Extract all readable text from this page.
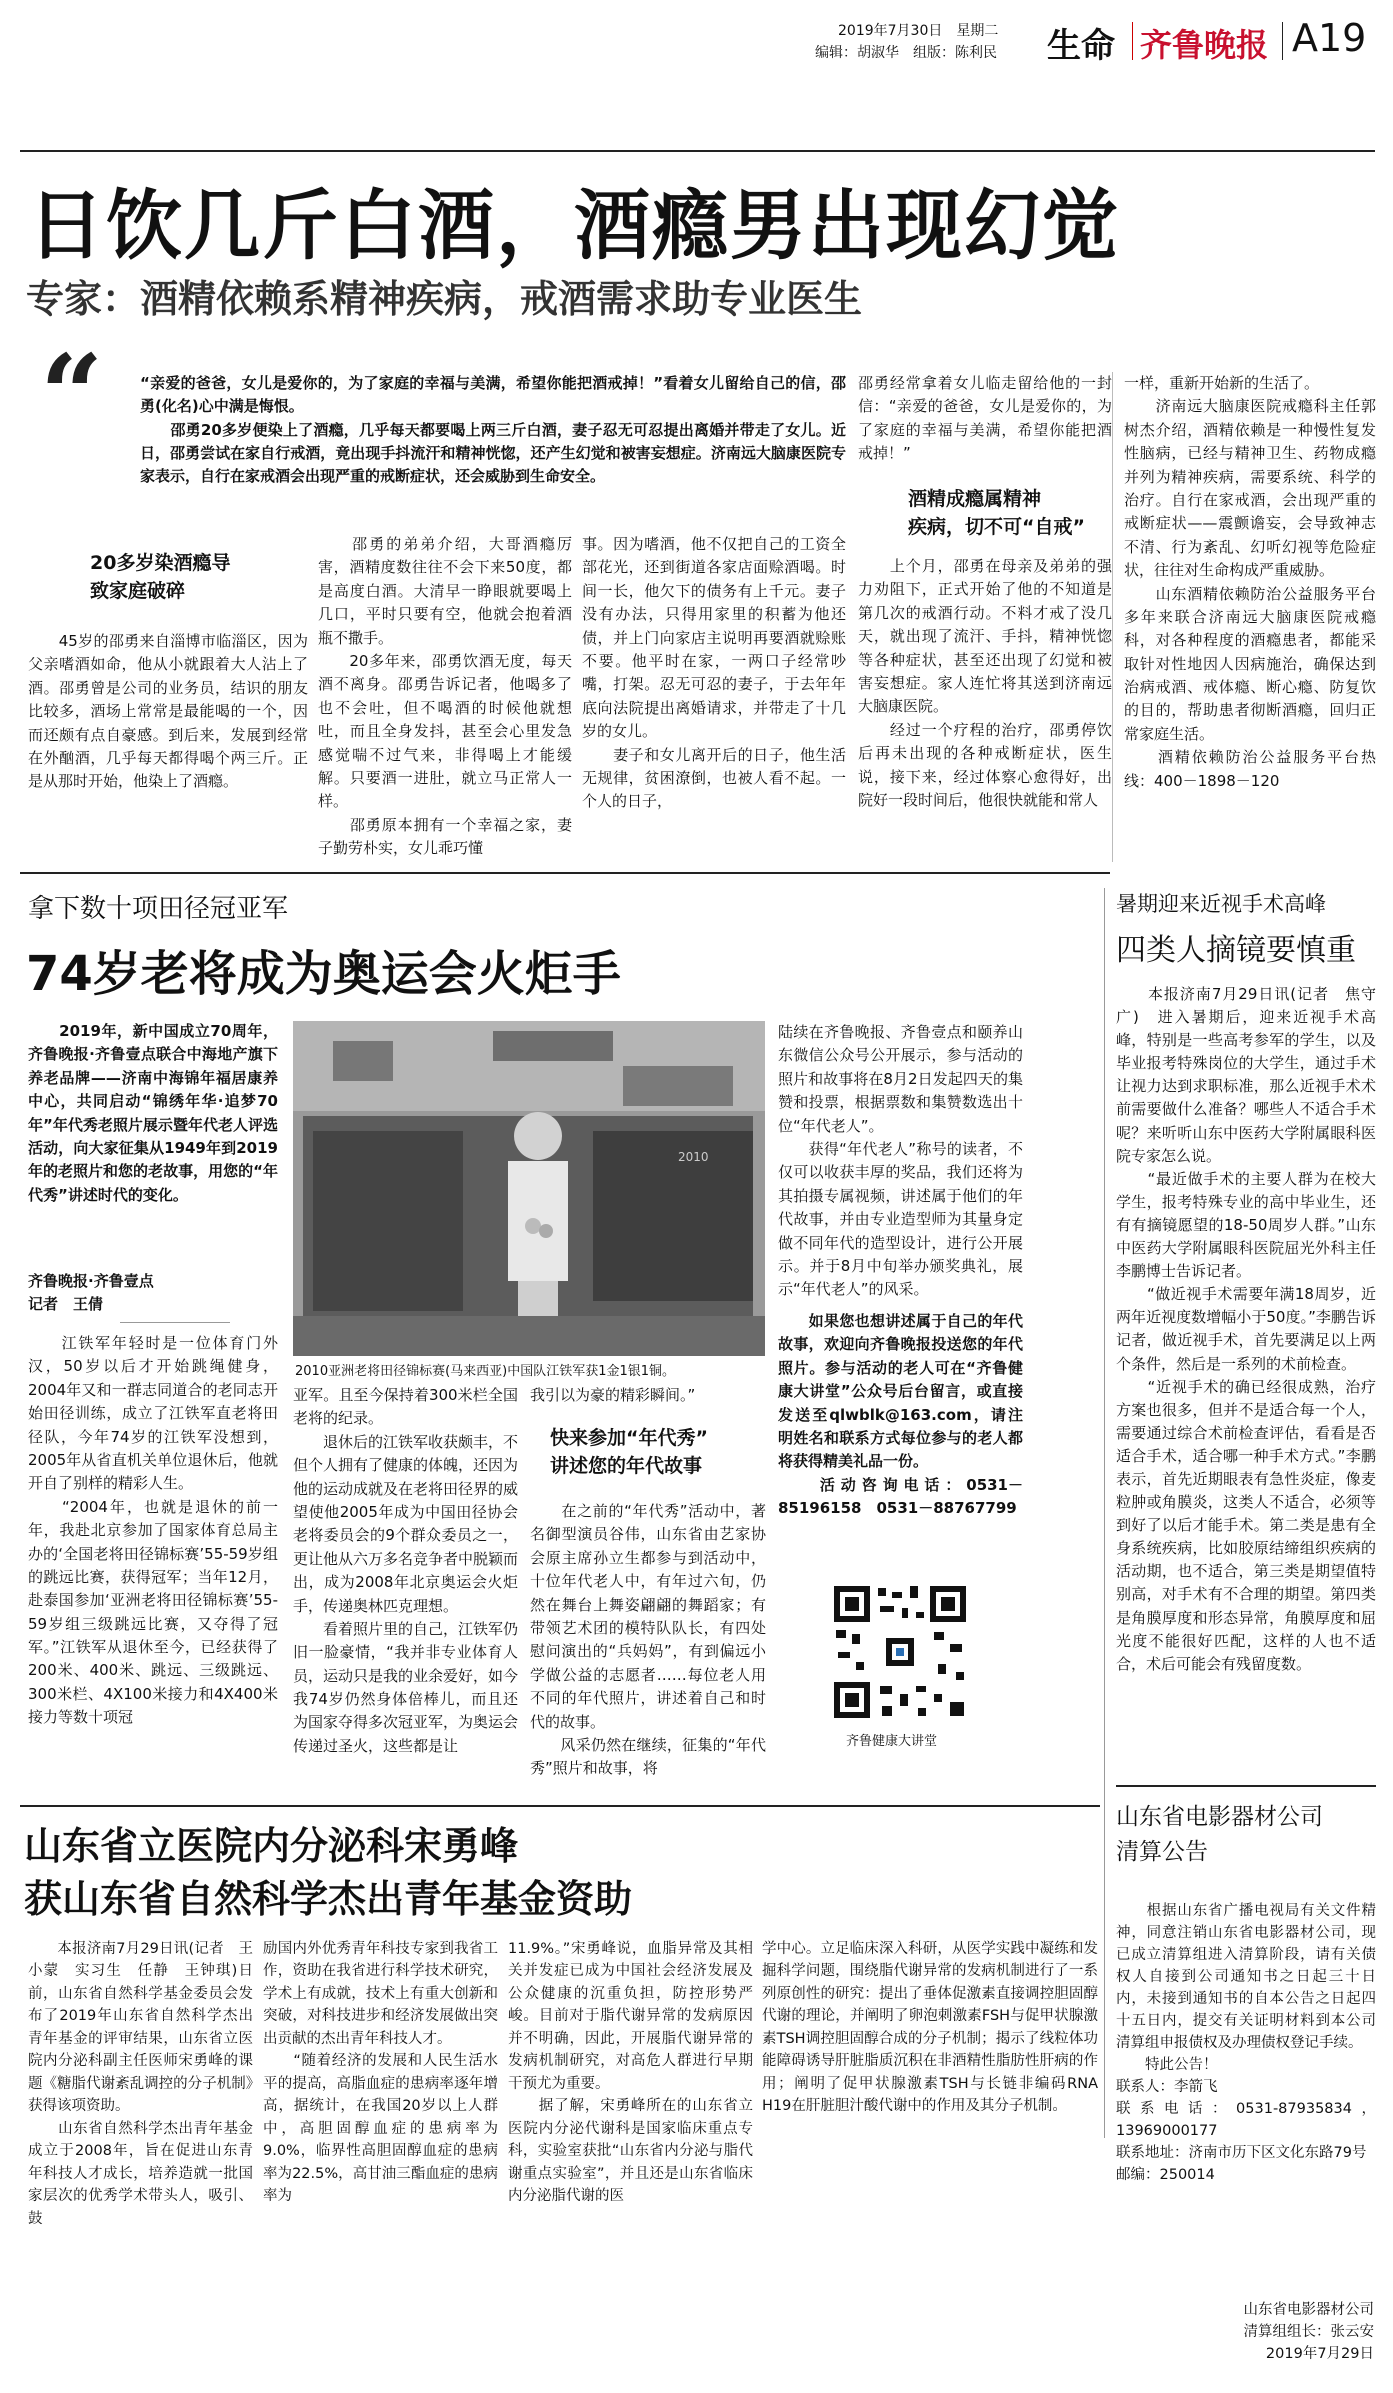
2019年7月30日　星期二
编辑：胡淑华　组版：陈利民 生命 齐鲁晚报 A19
日饮几斤白酒，酒瘾男出现幻觉
专家：酒精依赖系精神疾病，戒酒需求助专业医生
“ “亲爱的爸爸，女儿是爱你的，为了家庭的幸福与美满，希望你能把酒戒掉！”看着女儿留给自己的信，邵勇(化名)心中满是悔恨。
　　邵勇20多岁便染上了酒瘾，几乎每天都要喝上两三斤白酒，妻子忍无可忍提出离婚并带走了女儿。近日，邵勇尝试在家自行戒酒，竟出现手抖流汗和精神恍惚，还产生幻觉和被害妄想症。济南远大脑康医院专家表示，自行在家戒酒会出现严重的戒断症状，还会威胁到生命安全。
20多岁染酒瘾导
致家庭破碎
　　45岁的邵勇来自淄博市临淄区，因为父亲嗜酒如命，他从小就跟着大人沾上了酒。邵勇曾是公司的业务员，结识的朋友比较多，酒场上常常是最能喝的一个，因而还颇有点自豪感。到后来，发展到经常在外酗酒，几乎每天都得喝个两三斤。正是从那时开始，他染上了酒瘾。
　　邵勇的弟弟介绍，大哥酒瘾厉害，酒精度数往往不会下来50度，都是高度白酒。大清早一睁眼就要喝上几口，平时只要有空，他就会抱着酒瓶不撒手。
　　20多年来，邵勇饮酒无度，每天酒不离身。邵勇告诉记者，他喝多了也不会吐，但不喝酒的时候他就想吐，而且全身发抖，甚至会心里发急感觉喘不过气来，非得喝上才能缓解。只要酒一进肚，就立马正常人一样。
　　邵勇原本拥有一个幸福之家，妻子勤劳朴实，女儿乖巧懂
事。因为嗜酒，他不仅把自己的工资全部花光，还到街道各家店面赊酒喝。时间一长，他欠下的债务有上千元。妻子没有办法，只得用家里的积蓄为他还债，并上门向家店主说明再要酒就赊账不要。他平时在家，一两口子经常吵嘴，打架。忍无可忍的妻子，于去年年底向法院提出离婚请求，并带走了十几岁的女儿。
　　妻子和女儿离开后的日子，他生活无规律，贫困潦倒，也被人看不起。一个人的日子，
邵勇经常拿着女儿临走留给他的一封信：“亲爱的爸爸，女儿是爱你的，为了家庭的幸福与美满，希望你能把酒戒掉！”
酒精成瘾属精神
疾病，切不可“自戒”
　　上个月，邵勇在母亲及弟弟的强力劝阻下，正式开始了他的不知道是第几次的戒酒行动。不料才戒了没几天，就出现了流汗、手抖，精神恍惚等各种症状，甚至还出现了幻觉和被害妄想症。家人连忙将其送到济南远大脑康医院。
　　经过一个疗程的治疗，邵勇停饮后再未出现的各种戒断症状，医生说，接下来，经过体察心愈得好，出院好一段时间后，他很快就能和常人
一样，重新开始新的生活了。
　　济南远大脑康医院戒瘾科主任郭树杰介绍，酒精依赖是一种慢性复发性脑病，已经与精神卫生、药物成瘾并列为精神疾病，需要系统、科学的治疗。自行在家戒酒，会出现严重的戒断症状——震颤谵妄，会导致神志不清、行为紊乱、幻听幻视等危险症状，往往对生命构成严重威胁。
　　山东酒精依赖防治公益服务平台多年来联合济南远大脑康医院戒瘾科，对各种程度的酒瘾患者，都能采取针对性地因人因病施治，确保达到治病戒酒、戒体瘾、断心瘾、防复饮的目的，帮助患者彻断酒瘾，回归正常家庭生活。
　　酒精依赖防治公益服务平台热线：400－1898－120
拿下数十项田径冠亚军
74岁老将成为奥运会火炬手
　　2019年，新中国成立70周年，齐鲁晚报·齐鲁壹点联合中海地产旗下养老品牌——济南中海锦年福居康养中心，共同启动“锦绣年华·追梦70年”年代秀老照片展示暨年代老人评选活动，向大家征集从1949年到2019年的老照片和您的老故事，用您的“年代秀”讲述时代的变化。
齐鲁晚报·齐鲁壹点
记者　王倩
2010
2010亚洲老将田径锦标赛(马来西亚)中国队江铁军获1金1银1铜。
　　江铁军年轻时是一位体育门外汉，50岁以后才开始跳绳健身，2004年又和一群志同道合的老同志开始田径训练，成立了江铁军直老将田径队，今年74岁的江铁军没想到，2005年从省直机关单位退休后，他就开自了别样的精彩人生。
　　“2004年，也就是退休的前一年，我赴北京参加了国家体育总局主办的‘全国老将田径锦标赛’55-59岁组的跳远比赛，获得冠军；当年12月，赴泰国参加‘亚洲老将田径锦标赛’55-59岁组三级跳远比赛，又夺得了冠军。”江铁军从退休至今，已经获得了200米、400米、跳远、三级跳远、300米栏、4X100米接力和4X400米接力等数十项冠
亚军。且至今保持着300米栏全国老将的纪录。
　　退休后的江铁军收获颇丰，不但个人拥有了健康的体魄，还因为他的运动成就及在老将田径界的威望使他2005年成为中国田径协会老将委员会的9个群众委员之一，更让他从六万多名竞争者中脱颖而出，成为2008年北京奥运会火炬手，传递奥林匹克理想。
　　看着照片里的自己，江铁军仍旧一脸豪情，“我并非专业体育人员，运动只是我的业余爱好，如今我74岁仍然身体倍棒儿，而且还为国家夺得多次冠亚军，为奥运会传递过圣火，这些都是让
我引以为豪的精彩瞬间。”
快来参加“年代秀”
讲述您的年代故事
　　在之前的“年代秀”活动中，著名御型演员谷伟，山东省由艺家协会原主席孙立生都参与到活动中，十位年代老人中，有年过六旬，仍然在舞台上舞姿翩翩的舞蹈家；有带领艺术团的模特队队长，有四处慰问演出的“兵妈妈”，有到偏远小学做公益的志愿者……每位老人用不同的年代照片，讲述着自己和时代的故事。
　　风采仍然在继续，征集的“年代秀”照片和故事，将
陆续在齐鲁晚报、齐鲁壹点和颐养山东微信公众号公开展示，参与活动的照片和故事将在8月2日发起四天的集赞和投票，根据票数和集赞数选出十位“年代老人”。
　　获得“年代老人”称号的读者，不仅可以收获丰厚的奖品，我们还将为其拍摄专属视频，讲述属于他们的年代故事，并由专业造型师为其量身定做不同年代的造型设计，进行公开展示。并于8月中旬举办颁奖典礼，展示“年代老人”的风采。
　　如果您也想讲述属于自己的年代故事，欢迎向齐鲁晚报投送您的年代照片。参与活动的老人可在“齐鲁健康大讲堂”公众号后台留言，或直接发送至qlwblk@163.com，请注明姓名和联系方式每位参与的老人都将获得精美礼品一份。
　　活动咨询电话：0531－85196158　0531－88767799
齐鲁健康大讲堂
暑期迎来近视手术高峰
四类人摘镜要慎重
　　本报济南7月29日讯(记者　焦守广)　进入暑期后，迎来近视手术高峰，特别是一些高考参军的学生，以及毕业报考特殊岗位的大学生，通过手术让视力达到求职标准，那么近视手术术前需要做什么准备？哪些人不适合手术呢？来听听山东中医药大学附属眼科医院专家怎么说。
　　“最近做手术的主要人群为在校大学生，报考特殊专业的高中毕业生，还有有摘镜愿望的18-50周岁人群。”山东中医药大学附属眼科医院屈光外科主任李鹏博士告诉记者。
　　“做近视手术需要年满18周岁，近两年近视度数增幅小于50度。”李鹏告诉记者，做近视手术，首先要满足以上两个条件，然后是一系列的术前检查。
　　“近视手术的确已经很成熟，治疗方案也很多，但并不是适合每一个人，需要通过综合术前检查评估，看看是否适合手术，适合哪一种手术方式。”李鹏表示，首先近期眼表有急性炎症，像麦粒肿或角膜炎，这类人不适合，必须等到好了以后才能手术。第二类是患有全身系统疾病，比如胶原结缔组织疾病的活动期，也不适合，第三类是期望值特别高，对手术有不合理的期望。第四类是角膜厚度和形态异常，角膜厚度和屈光度不能很好匹配，这样的人也不适合，术后可能会有残留度数。
山东省电影器材公司
清算公告
　　根据山东省广播电视局有关文件精神，同意注销山东省电影器材公司，现已成立清算组进入清算阶段，请有关债权人自接到公司通知书之日起三十日内，未接到通知书的自本公告之日起四十五日内，提交有关证明材料到本公司清算组申报债权及办理债权登记手续。
　　特此公告！
联系人：李箭飞
联系电话：0531-87935834，13969000177
联系地址：济南市历下区文化东路79号
邮编：250014
山东省电影器材公司
清算组组长：张云安
2019年7月29日
山东省立医院内分泌科宋勇峰
获山东省自然科学杰出青年基金资助
　　本报济南7月29日讯(记者　王小蒙　实习生　任静　王钟琪)日前，山东省自然科学基金委员会发布了2019年山东省自然科学杰出青年基金的评审结果，山东省立医院内分泌科副主任医师宋勇峰的课题《糖脂代谢紊乱调控的分子机制》获得该项资助。
　　山东省自然科学杰出青年基金成立于2008年，旨在促进山东青年科技人才成长，培养造就一批国家层次的优秀学术带头人，吸引、鼓
励国内外优秀青年科技专家到我省工作，资助在我省进行科学技术研究，学术上有成就，技术上有重大创新和突破，对科技进步和经济发展做出突出贡献的杰出青年科技人才。
　　“随着经济的发展和人民生活水平的提高，高脂血症的患病率逐年增高，据统计，在我国20岁以上人群中，高胆固醇血症的患病率为9.0%，临界性高胆固醇血症的患病率为22.5%，高甘油三酯血症的患病率为
11.9%。”宋勇峰说，血脂异常及其相关并发症已成为中国社会经济发展及公众健康的沉重负担，防控形势严峻。目前对于脂代谢异常的发病原因并不明确，因此，开展脂代谢异常的发病机制研究，对高危人群进行早期干预尤为重要。
　　据了解，宋勇峰所在的山东省立医院内分泌代谢科是国家临床重点专科，实验室获批“山东省内分泌与脂代谢重点实验室”，并且还是山东省临床内分泌脂代谢的医
学中心。立足临床深入科研，从医学实践中凝练和发掘科学问题，围绕脂代谢异常的发病机制进行了一系列原创性的研究：提出了垂体促激素直接调控胆固醇代谢的理论，并阐明了卵泡刺激素FSH与促甲状腺激素TSH调控胆固醇合成的分子机制；揭示了线粒体功能障碍诱导肝脏脂质沉积在非酒精性脂肪性肝病的作用；阐明了促甲状腺激素TSH与长链非编码RNA H19在肝脏胆汁酸代谢中的作用及其分子机制。
